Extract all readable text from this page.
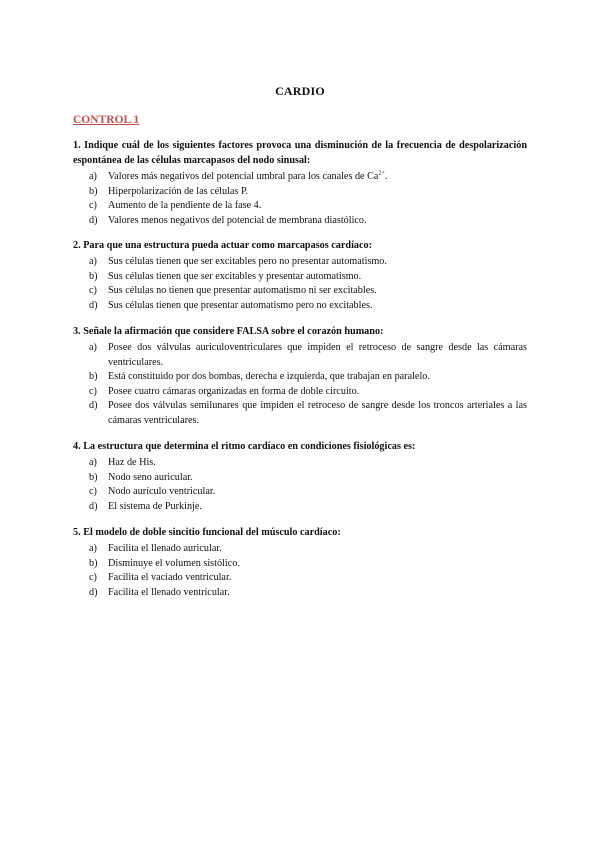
CARDIO
CONTROL 1
1. Indique cuál de los siguientes factores provoca una disminución de la frecuencia de despolarización espontánea de las células marcapasos del nodo sinusal:
a) Valores más negativos del potencial umbral para los canales de $Ca^{2+}$.
b) Hiperpolarización de las células P.
c) Aumento de la pendiente de la fase 4.
d) Valores menos negativos del potencial de membrana diastólico.
2. Para que una estructura pueda actuar como marcapasos cardíaco:
a) Sus células tienen que ser excitables pero no presentar automatismo.
b) Sus células tienen que ser excitables y presentar automatismo.
c) Sus células no tienen que presentar automatismo ni ser excitables.
d) Sus células tienen que presentar automatismo pero no excitables.
3. Señale la afirmación que considere FALSA sobre el corazón humano:
a) Posee dos válvulas auriculoventriculares que impiden el retroceso de sangre desde las cámaras ventriculares.
b) Está constituido por dos bombas, derecha e izquierda, que trabajan en paralelo.
c) Posee cuatro cámaras organizadas en forma de doble circuito.
d) Posee dos válvulas semilunares que impiden el retroceso de sangre desde los troncos arteriales a las cámaras ventriculares.
4. La estructura que determina el ritmo cardíaco en condiciones fisiológicas es:
a) Haz de His.
b) Nodo seno auricular.
c) Nodo aurículo ventricular.
d) El sistema de Purkinje.
5. El modelo de doble sincitio funcional del músculo cardíaco:
a) Facilita el llenado auricular.
b) Disminuye el volumen sistólico.
c) Facilita el vaciado ventricular.
d) Facilita el llenado ventricular.
